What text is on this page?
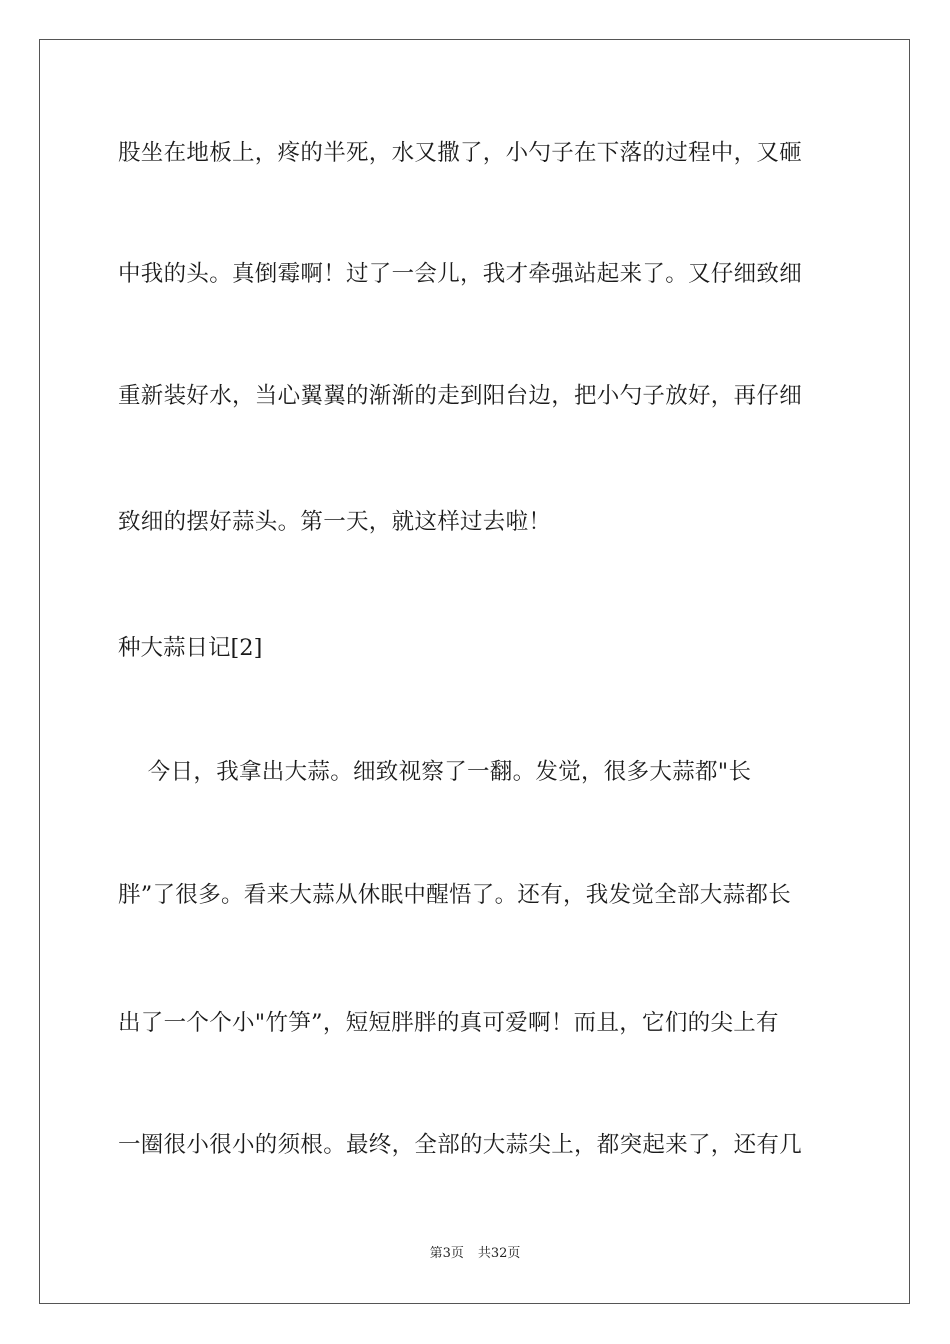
股坐在地板上，疼的半死，水又撒了，小勺子在下落的过程中，又砸
中我的头。真倒霉啊！过了一会儿，我才牵强站起来了。又仔细致细
重新装好水，当心翼翼的渐渐的走到阳台边，把小勺子放好，再仔细
致细的摆好蒜头。第一天，就这样过去啦！
种大蒜日记[2]
今日，我拿出大蒜。细致视察了一翻。发觉，很多大蒜都"长
胖”了很多。看来大蒜从休眠中醒悟了。还有，我发觉全部大蒜都长
出了一个个小"竹笋”，短短胖胖的真可爱啊！而且，它们的尖上有
一圈很小很小的须根。最终，全部的大蒜尖上，都突起来了，还有几
第3页 共32页
